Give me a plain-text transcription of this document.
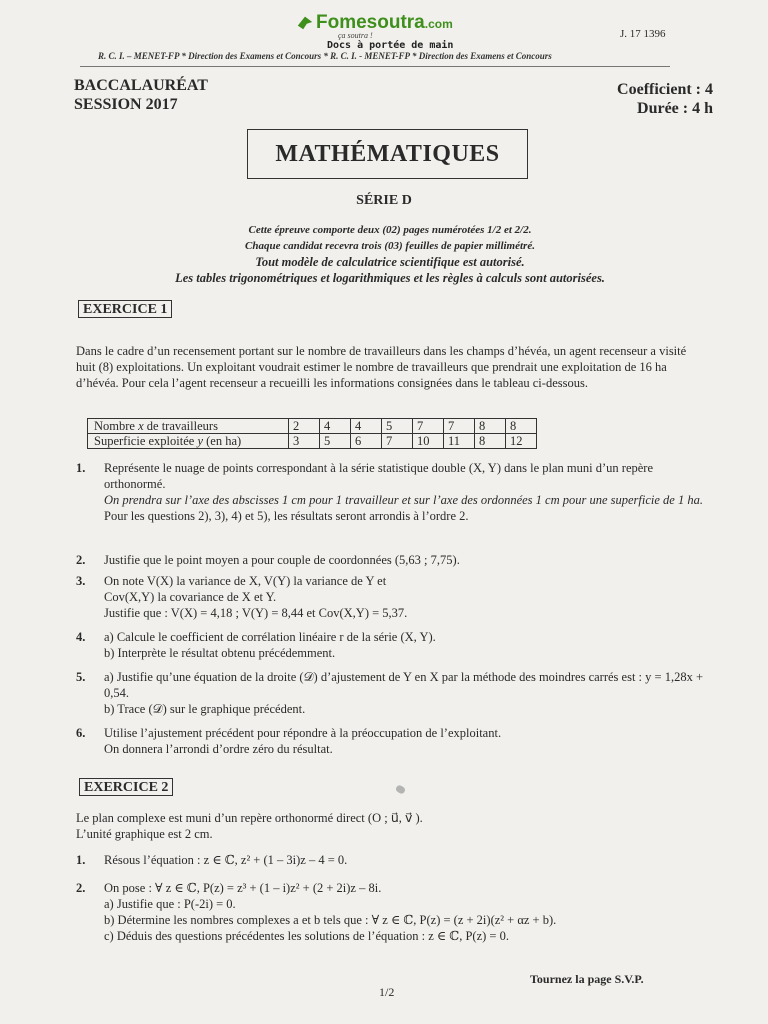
Fomesoutra.com
ça soutra !
Docs à portée de main
J. 17 1396
R. C. I. – MENET-FP * Direction des Examens et Concours * R. C. I. - MENET-FP * Direction des Examens et Concours
BACCALAURÉAT
SESSION 2017
Coefficient : 4
Durée : 4 h
MATHÉMATIQUES
SÉRIE D
Cette épreuve comporte deux (02) pages numérotées 1/2 et 2/2.
Chaque candidat recevra trois (03) feuilles de papier millimétré.
Tout modèle de calculatrice scientifique est autorisé.
Les tables trigonométriques et logarithmiques et les règles à calculs sont autorisées.
EXERCICE 1
Dans le cadre d’un recensement portant sur le nombre de travailleurs dans les champs d’hévéa, un agent recenseur a visité huit (8) exploitations. Un exploitant voudrait estimer le nombre de travailleurs que prendrait une exploitation de 16 ha d’hévéa. Pour cela l’agent recenseur a recueilli les informations consignées dans le tableau ci-dessous.
Nombre x de travailleurs	2	4	4	5	7	7	8	8
Superficie exploitée y (en ha)	3	5	6	7	10	11	8	12
1. Représente le nuage de points correspondant à la série statistique double (X, Y) dans le plan muni d’un repère orthonormé.
On prendra sur l’axe des abscisses 1 cm pour 1 travailleur et sur l’axe des ordonnées 1 cm pour une superficie de 1 ha.
Pour les questions 2), 3), 4) et 5), les résultats seront arrondis à l’ordre 2.
2. Justifie que le point moyen a pour couple de coordonnées (5,63 ; 7,75).
3. On note V(X) la variance de X, V(Y) la variance de Y et
Cov(X,Y) la covariance de X et Y.
Justifie que : V(X) = 4,18 ; V(Y) = 8,44 et Cov(X,Y) = 5,37.
4. a) Calcule le coefficient de corrélation linéaire r de la série (X, Y).
b) Interprète le résultat obtenu précédemment.
5. a) Justifie qu’une équation de la droite (𝒟) d’ajustement de Y en X par la méthode des moindres carrés est : y = 1,28x + 0,54.
b) Trace (𝒟) sur le graphique précédent.
6. Utilise l’ajustement précédent pour répondre à la préoccupation de l’exploitant.
On donnera l’arrondi d’ordre zéro du résultat.
EXERCICE 2
Le plan complexe est muni d’un repère orthonormé direct (O ; u⃗, v⃗ ).
L’unité graphique est 2 cm.
1. Résous l’équation : z ∈ ℂ, z² + (1 – 3i)z – 4 = 0.
2. On pose : ∀ z ∈ ℂ, P(z) = z³ + (1 – i)z² + (2 + 2i)z – 8i.
a) Justifie que : P(-2i) = 0.
b) Détermine les nombres complexes a et b tels que : ∀ z ∈ ℂ, P(z) = (z + 2i)(z² + αz + b).
c) Déduis des questions précédentes les solutions de l’équation : z ∈ ℂ, P(z) = 0.
Tournez la page S.V.P.
1/2
